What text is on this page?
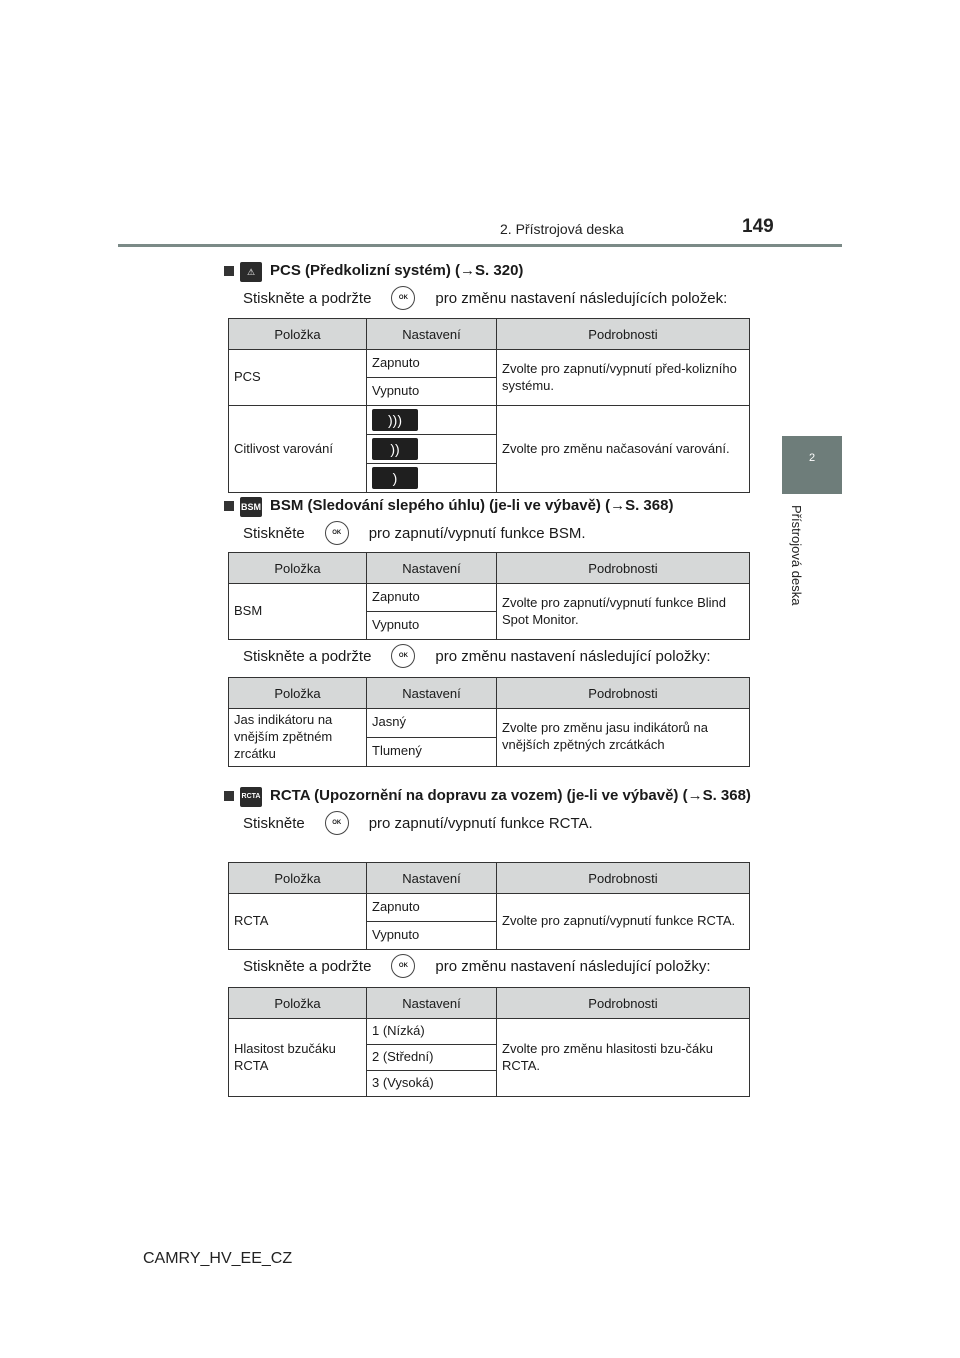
2. Přístrojová deska	149
2
Přístrojová deska
⚠ PCS (Předkolizní systém) (→S. 320)
Stiskněte a podržte	OK	pro změnu nastavení následujících položek:
Položka	Nastavení	Podrobnosti
PCS	Zapnuto	Zvolte pro zapnutí/vypnutí před-kolizního systému.
	Vypnuto	
Citlivost varování	)))	Zvolte pro změnu načasování varování.
	))	
	)	
BSM BSM (Sledování slepého úhlu) (je-li ve výbavě) (→S. 368)
Stiskněte	OK	pro zapnutí/vypnutí funkce BSM.
Položka	Nastavení	Podrobnosti
BSM	Zapnuto	Zvolte pro zapnutí/vypnutí funkce Blind Spot Monitor.
	Vypnuto	
Stiskněte a podržte	OK	pro změnu nastavení následující položky:
Položka	Nastavení	Podrobnosti
Jas indikátoru na vnějším zpětném zrcátku	Jasný	Zvolte pro změnu jasu indikátorů na vnějších zpětných zrcátkách
	Tlumený	
RCTA RCTA (Upozornění na dopravu za vozem) (je-li ve výbavě) (→S. 368)
Stiskněte	OK	pro zapnutí/vypnutí funkce RCTA.
Položka	Nastavení	Podrobnosti
RCTA	Zapnuto	Zvolte pro zapnutí/vypnutí funkce RCTA.
	Vypnuto	
Stiskněte a podržte	OK	pro změnu nastavení následující položky:
Položka	Nastavení	Podrobnosti
Hlasitost bzučáku RCTA	1 (Nízká)	Zvolte pro změnu hlasitosti bzu-čáku RCTA.
	2 (Střední)	
	3 (Vysoká)	
CAMRY_HV_EE_CZ
